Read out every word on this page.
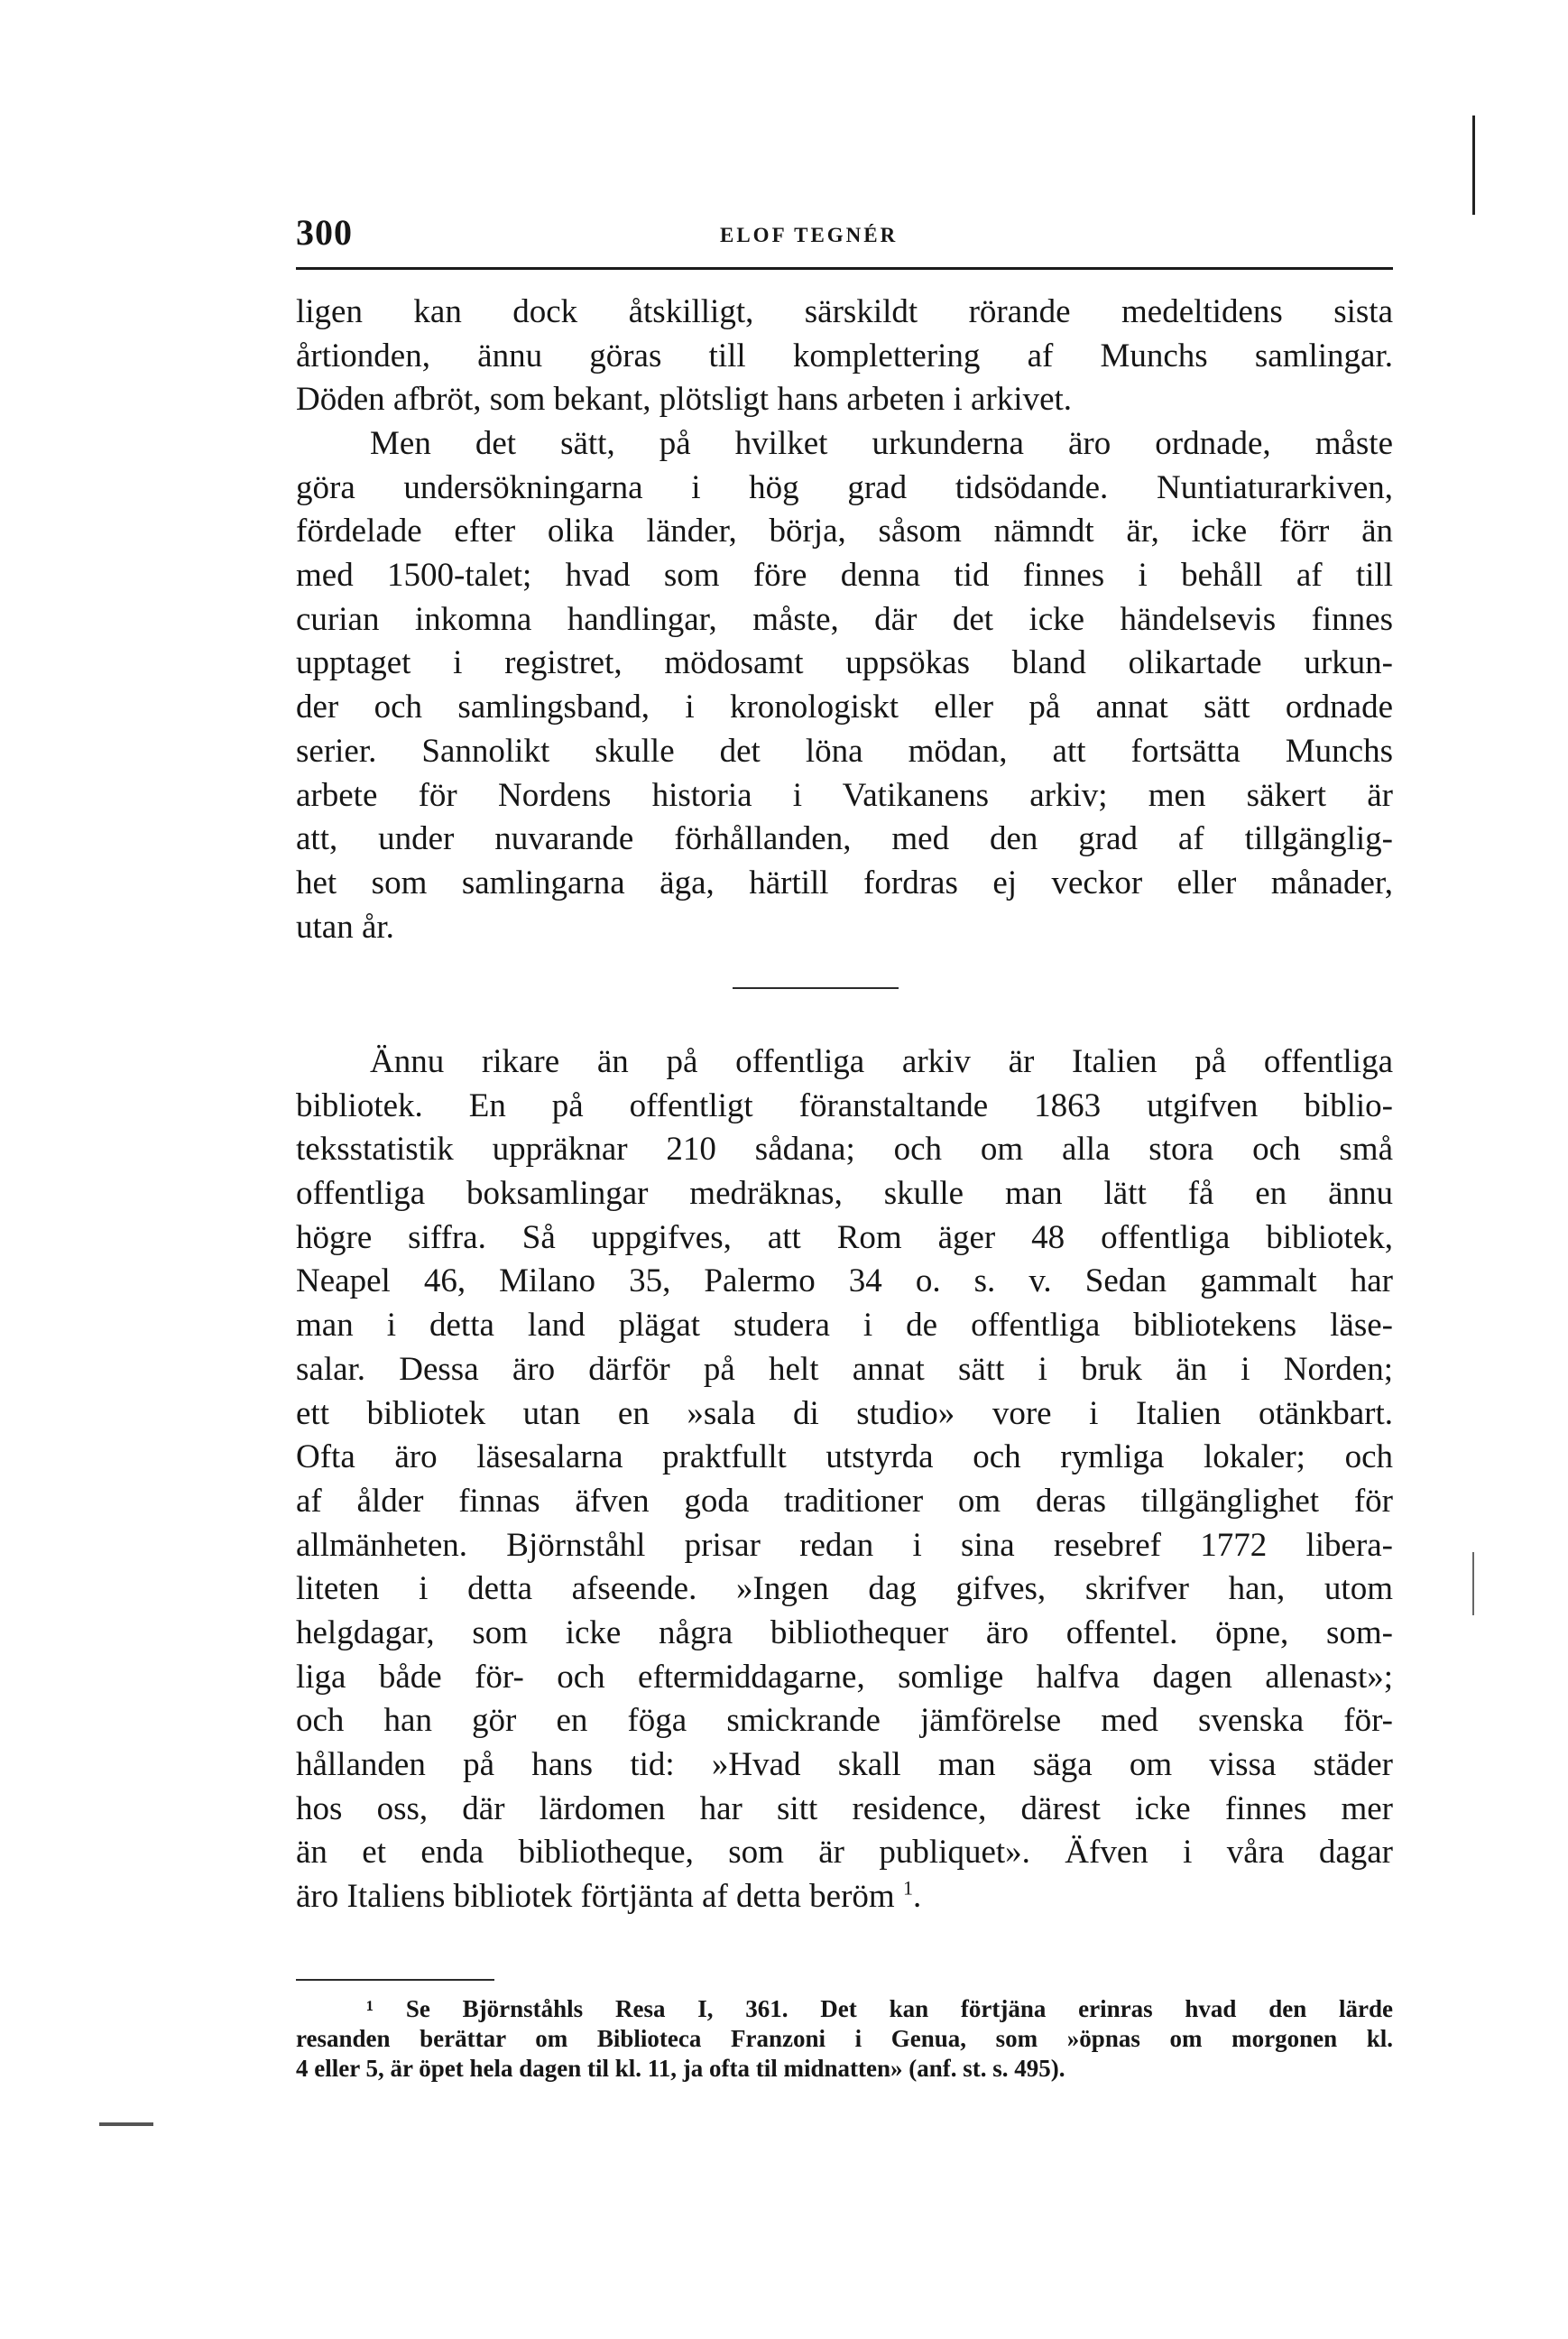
300	ELOF TEGNÉR
ligen kan dock åtskilligt, särskildt rörande medeltidens sista
årtionden, ännu göras till komplettering af Munchs samlingar.
Döden afbröt, som bekant, plötsligt hans arbeten i arkivet.
Men det sätt, på hvilket urkunderna äro ordnade, måste
göra undersökningarna i hög grad tidsödande. Nuntiaturarkiven,
fördelade efter olika länder, börja, såsom nämndt är, icke förr än
med 1500-talet; hvad som före denna tid finnes i behåll af till
curian inkomna handlingar, måste, där det icke händelsevis finnes
upptaget i registret, mödosamt uppsökas bland olikartade urkun-
der och samlingsband, i kronologiskt eller på annat sätt ordnade
serier. Sannolikt skulle det löna mödan, att fortsätta Munchs
arbete för Nordens historia i Vatikanens arkiv; men säkert är
att, under nuvarande förhållanden, med den grad af tillgänglig-
het som samlingarna äga, härtill fordras ej veckor eller månader,
utan år.
Ännu rikare än på offentliga arkiv är Italien på offentliga
bibliotek. En på offentligt föranstaltande 1863 utgifven biblio-
teksstatistik uppräknar 210 sådana; och om alla stora och små
offentliga boksamlingar medräknas, skulle man lätt få en ännu
högre siffra. Så uppgifves, att Rom äger 48 offentliga bibliotek,
Neapel 46, Milano 35, Palermo 34 o. s. v. Sedan gammalt har
man i detta land plägat studera i de offentliga bibliotekens läse-
salar. Dessa äro därför på helt annat sätt i bruk än i Norden;
ett bibliotek utan en »sala di studio» vore i Italien otänkbart.
Ofta äro läsesalarna praktfullt utstyrda och rymliga lokaler; och
af ålder finnas äfven goda traditioner om deras tillgänglighet för
allmänheten. Björnståhl prisar redan i sina resebref 1772 libera-
liteten i detta afseende. »Ingen dag gifves, skrifver han, utom
helgdagar, som icke några bibliothequer äro offentel. öpne, som-
liga både för- och eftermiddagarne, somlige halfva dagen allenast»;
och han gör en föga smickrande jämförelse med svenska för-
hållanden på hans tid: »Hvad skall man säga om vissa städer
hos oss, där lärdomen har sitt residence, därest icke finnes mer
än et enda bibliotheque, som är publiquet». Äfven i våra dagar
äro Italiens bibliotek förtjänta af detta beröm $^1$.
¹ Se Björnståhls Resa I, 361. Det kan förtjäna erinras hvad den lärde
resanden berättar om Biblioteca Franzoni i Genua, som »öpnas om morgonen kl.
4 eller 5, är öpet hela dagen til kl. 11, ja ofta til midnatten» (anf. st. s. 495).
